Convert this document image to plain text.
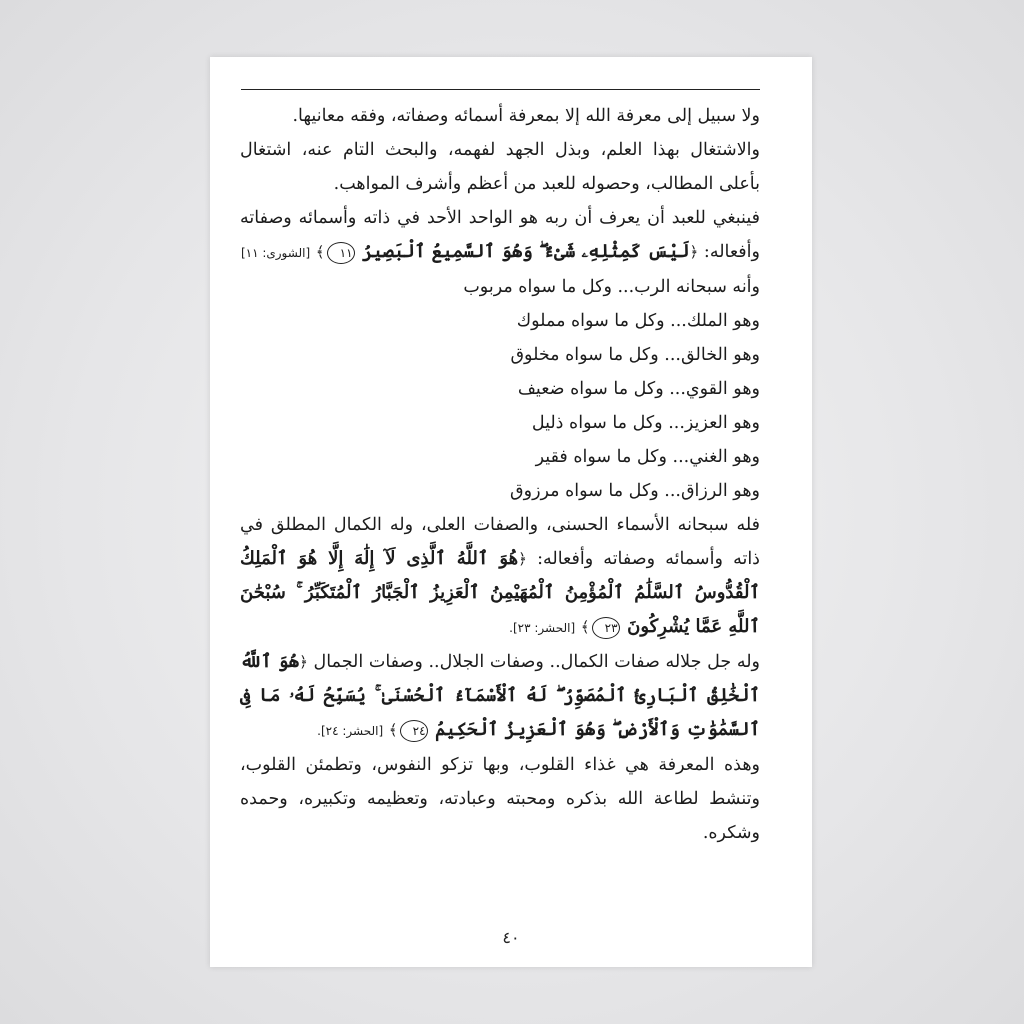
ولا سبيل إلى معرفة الله إلا بمعرفة أسمائه وصفاته، وفقه معانيها.

والاشتغال بهذا العلم، وبذل الجهد لفهمه، والبحث التام عنه، اشتغال بأعلى المطالب، وحصوله للعبد من أعظم وأشرف المواهب.

فينبغي للعبد أن يعرف أن ربه هو الواحد الأحد في ذاته وأسمائه وصفاته وأفعاله: ﴿لَيْسَ كَمِثْلِهِۦ شَىْءٌ ۖ وَهُوَ ٱلسَّمِيعُ ٱلْبَصِيرُ ١١﴾ [الشورى: ١١]

وأنه سبحانه الرب... وكل ما سواه مربوب

وهو الملك... وكل ما سواه مملوك

وهو الخالق... وكل ما سواه مخلوق

وهو القوي... وكل ما سواه ضعيف

وهو العزيز... وكل ما سواه ذليل

وهو الغني... وكل ما سواه فقير

وهو الرزاق... وكل ما سواه مرزوق

فله سبحانه الأسماء الحسنى، والصفات العلى، وله الكمال المطلق في ذاته وأسمائه وصفاته وأفعاله: ﴿هُوَ ٱللَّهُ ٱلَّذِى لَآ إِلَٰهَ إِلَّا هُوَ ٱلْمَلِكُ ٱلْقُدُّوسُ ٱلسَّلَٰمُ ٱلْمُؤْمِنُ ٱلْمُهَيْمِنُ ٱلْعَزِيزُ ٱلْجَبَّارُ ٱلْمُتَكَبِّرُ ۚ سُبْحَٰنَ ٱللَّهِ عَمَّا يُشْرِكُونَ ٢٣﴾ [الحشر: ٢٣].

وله جل جلاله صفات الكمال.. وصفات الجلال.. وصفات الجمال ﴿هُوَ ٱللَّهُ ٱلْخَٰلِقُ ٱلْبَارِئُ ٱلْمُصَوِّرُ ۖ لَهُ ٱلْأَسْمَآءُ ٱلْحُسْنَىٰ ۚ يُسَبِّحُ لَهُۥ مَا فِى ٱلسَّمَٰوَٰتِ وَٱلْأَرْضِ ۖ وَهُوَ ٱلْعَزِيزُ ٱلْحَكِيمُ ٢٤﴾ [الحشر: ٢٤].

وهذه المعرفة هي غذاء القلوب، وبها تزكو النفوس، وتطمئن القلوب، وتنشط لطاعة الله بذكره ومحبته وعبادته، وتعظيمه وتكبيره، وحمده وشكره.

٤٠
